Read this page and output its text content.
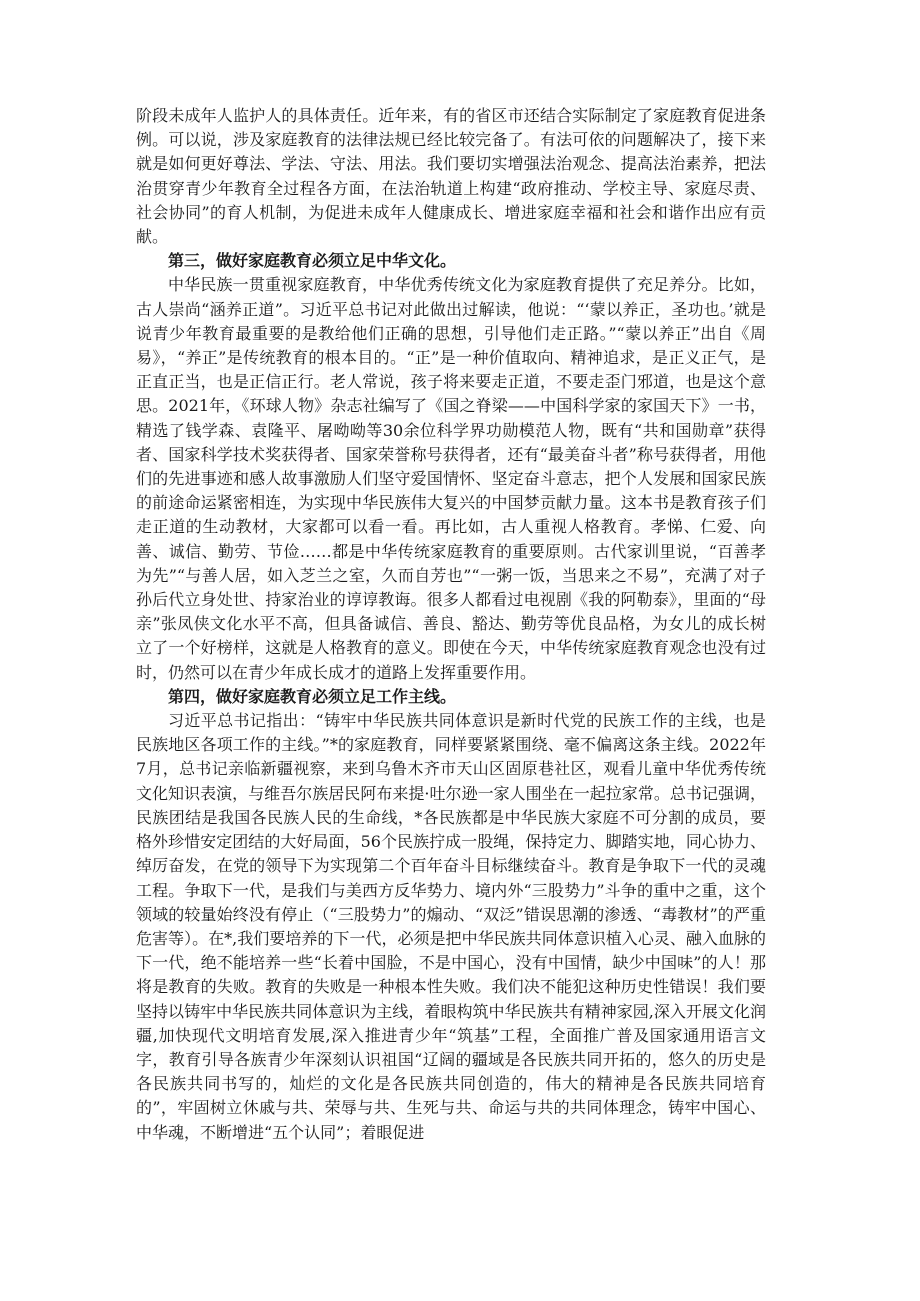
阶段未成年人监护人的具体责任。近年来，有的省区市还结合实际制定了家庭教育促进条例。可以说，涉及家庭教育的法律法规已经比较完备了。有法可依的问题解决了，接下来就是如何更好尊法、学法、守法、用法。我们要切实增强法治观念、提高法治素养，把法治贯穿青少年教育全过程各方面，在法治轨道上构建“政府推动、学校主导、家庭尽责、社会协同”的育人机制，为促进未成年人健康成长、增进家庭幸福和社会和谐作出应有贡献。

第三，做好家庭教育必须立足中华文化。

中华民族一贯重视家庭教育，中华优秀传统文化为家庭教育提供了充足养分。比如，古人崇尚“涵养正道”。习近平总书记对此做出过解读，他说：“‘蒙以养正，圣功也。’就是说青少年教育最重要的是教给他们正确的思想，引导他们走正路。”“蒙以养正”出自《周易》，“养正”是传统教育的根本目的。“正”是一种价值取向、精神追求，是正义正气，是正直正当，也是正信正行。老人常说，孩子将来要走正道，不要走歪门邪道，也是这个意思。2021年，《环球人物》杂志社编写了《国之脊梁——中国科学家的家国天下》一书，精选了钱学森、袁隆平、屠呦呦等30余位科学界功勋模范人物，既有“共和国勋章”获得者、国家科学技术奖获得者、国家荣誉称号获得者，还有“最美奋斗者”称号获得者，用他们的先进事迹和感人故事激励人们坚守爱国情怀、坚定奋斗意志，把个人发展和国家民族的前途命运紧密相连，为实现中华民族伟大复兴的中国梦贡献力量。这本书是教育孩子们走正道的生动教材，大家都可以看一看。再比如，古人重视人格教育。孝悌、仁爱、向善、诚信、勤劳、节俭……都是中华传统家庭教育的重要原则。古代家训里说，“百善孝为先”“与善人居，如入芝兰之室，久而自芳也”“一粥一饭，当思来之不易”，充满了对子孙后代立身处世、持家治业的谆谆教诲。很多人都看过电视剧《我的阿勒泰》，里面的“母亲”张凤侠文化水平不高，但具备诚信、善良、豁达、勤劳等优良品格，为女儿的成长树立了一个好榜样，这就是人格教育的意义。即使在今天，中华传统家庭教育观念也没有过时，仍然可以在青少年成长成才的道路上发挥重要作用。

第四，做好家庭教育必须立足工作主线。

习近平总书记指出：“铸牢中华民族共同体意识是新时代党的民族工作的主线，也是民族地区各项工作的主线。”*的家庭教育，同样要紧紧围绕、毫不偏离这条主线。2022年7月，总书记亲临新疆视察，来到乌鲁木齐市天山区固原巷社区，观看儿童中华优秀传统文化知识表演，与维吾尔族居民阿布来提·吐尔逊一家人围坐在一起拉家常。总书记强调，民族团结是我国各民族人民的生命线，*各民族都是中华民族大家庭不可分割的成员，要格外珍惜安定团结的大好局面，56个民族拧成一股绳，保持定力、脚踏实地，同心协力、绰厉奋发，在党的领导下为实现第二个百年奋斗目标继续奋斗。教育是争取下一代的灵魂工程。争取下一代，是我们与美西方反华势力、境内外“三股势力”斗争的重中之重，这个领域的较量始终没有停止（“三股势力”的煽动、“双泛”错误思潮的渗透、“毒教材”的严重危害等）。在*,我们要培养的下一代，必须是把中华民族共同体意识植入心灵、融入血脉的下一代，绝不能培养一些“长着中国脸，不是中国心，没有中国情，缺少中国味”的人！那将是教育的失败。教育的失败是一种根本性失败。我们决不能犯这种历史性错误！我们要坚持以铸牢中华民族共同体意识为主线，着眼构筑中华民族共有精神家园,深入开展文化润疆,加快现代文明培育发展,深入推进青少年“筑基”工程，全面推广普及国家通用语言文字，教育引导各族青少年深刻认识祖国“辽阔的疆域是各民族共同开拓的，悠久的历史是各民族共同书写的，灿烂的文化是各民族共同创造的，伟大的精神是各民族共同培育的”，牢固树立休戚与共、荣辱与共、生死与共、命运与共的共同体理念，铸牢中国心、中华魂，不断增进“五个认同”；着眼促进
